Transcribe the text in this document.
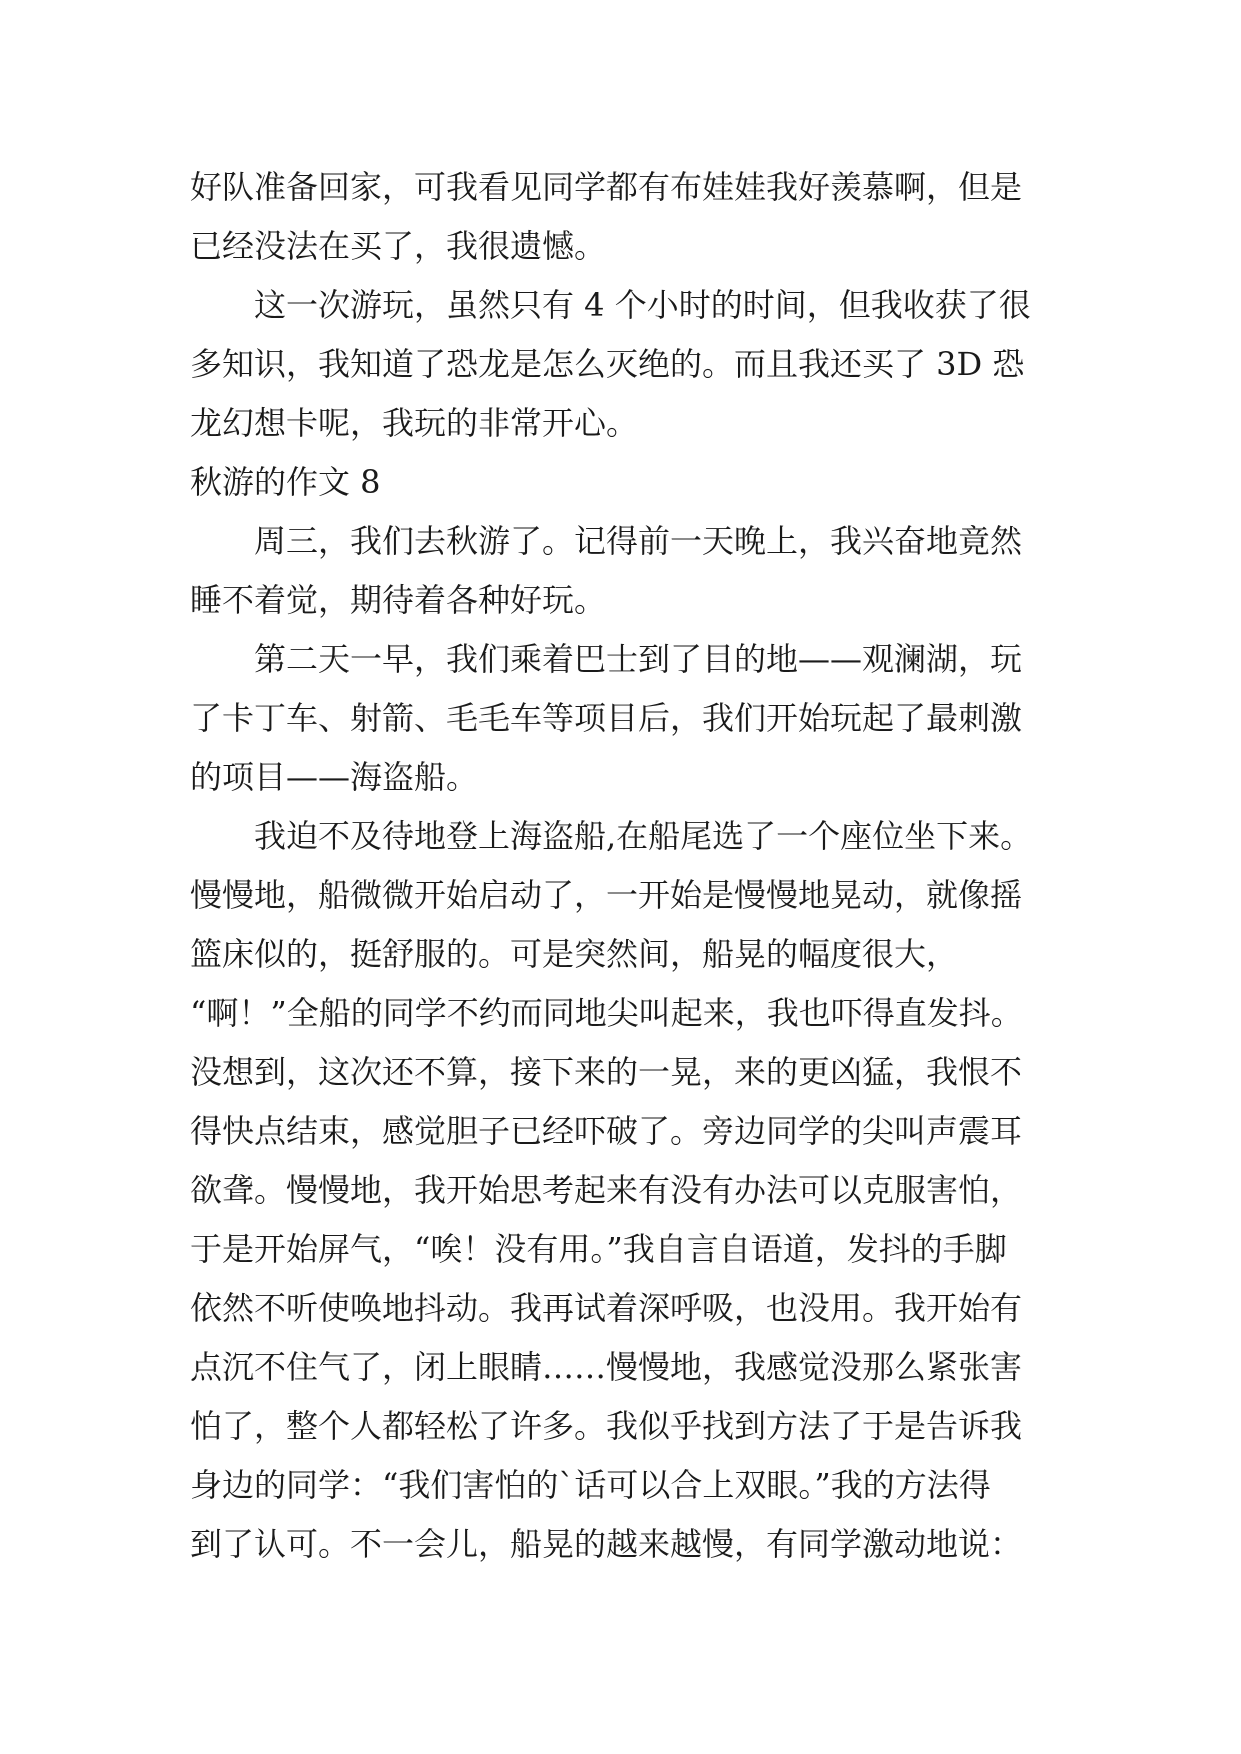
好队准备回家，可我看见同学都有布娃娃我好羡慕啊，但是
已经没法在买了，我很遗憾。
这一次游玩，虽然只有 4 个小时的时间，但我收获了很
多知识，我知道了恐龙是怎么灭绝的。而且我还买了 3D 恐
龙幻想卡呢，我玩的非常开心。
秋游的作文 8
周三，我们去秋游了。记得前一天晚上，我兴奋地竟然
睡不着觉，期待着各种好玩。
第二天一早，我们乘着巴士到了目的地——观澜湖，玩
了卡丁车、射箭、毛毛车等项目后，我们开始玩起了最刺激
的项目——海盗船。
我迫不及待地登上海盗船,在船尾选了一个座位坐下来。
慢慢地，船微微开始启动了，一开始是慢慢地晃动，就像摇
篮床似的，挺舒服的。可是突然间，船晃的幅度很大，
“啊！”全船的同学不约而同地尖叫起来，我也吓得直发抖。
没想到，这次还不算，接下来的一晃，来的更凶猛，我恨不
得快点结束，感觉胆子已经吓破了。旁边同学的尖叫声震耳
欲聋。慢慢地，我开始思考起来有没有办法可以克服害怕，
于是开始屏气，“唉！没有用。”我自言自语道，发抖的手脚
依然不听使唤地抖动。我再试着深呼吸，也没用。我开始有
点沉不住气了，闭上眼睛……慢慢地，我感觉没那么紧张害
怕了，整个人都轻松了许多。我似乎找到方法了于是告诉我
身边的同学：“我们害怕的`话可以合上双眼。”我的方法得
到了认可。不一会儿，船晃的越来越慢，有同学激动地说：
